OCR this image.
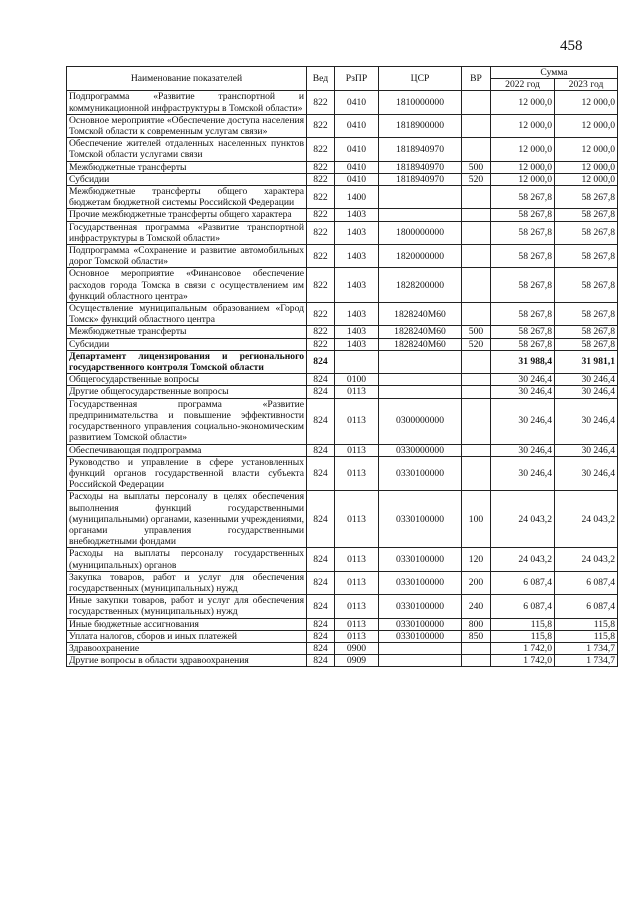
458
Наименование показателей	Вед	РзПР	ЦСР	ВР	Сумма	
					2022 год	2023 год
Подпрограмма «Развитие транспортной и коммуникационной инфраструктуры в Томской области»	822	0410	1810000000		12 000,0	12 000,0
Основное мероприятие «Обеспечение доступа населения Томской области к современным услугам связи»	822	0410	1818900000		12 000,0	12 000,0
Обеспечение жителей отдаленных населенных пунктов Томской области услугами связи	822	0410	1818940970		12 000,0	12 000,0
Межбюджетные трансферты	822	0410	1818940970	500	12 000,0	12 000,0
Субсидии	822	0410	1818940970	520	12 000,0	12 000,0
Межбюджетные трансферты общего характера бюджетам бюджетной системы Российской Федерации	822	1400			58 267,8	58 267,8
Прочие межбюджетные трансферты общего характера	822	1403			58 267,8	58 267,8
Государственная программа «Развитие транспортной инфраструктуры в Томской области»	822	1403	1800000000		58 267,8	58 267,8
Подпрограмма «Сохранение и развитие автомобильных дорог Томской области»	822	1403	1820000000		58 267,8	58 267,8
Основное мероприятие «Финансовое обеспечение расходов города Томска в связи с осуществлением им функций областного центра»	822	1403	1828200000		58 267,8	58 267,8
Осуществление муниципальным образованием «Город Томск» функций областного центра	822	1403	1828240М60		58 267,8	58 267,8
Межбюджетные трансферты	822	1403	1828240М60	500	58 267,8	58 267,8
Субсидии	822	1403	1828240М60	520	58 267,8	58 267,8
Департамент лицензирования и регионального государственного контроля Томской области	824				31 988,4	31 981,1
Общегосударственные вопросы	824	0100			30 246,4	30 246,4
Другие общегосударственные вопросы	824	0113			30 246,4	30 246,4
Государственная программа «Развитие предпринимательства и повышение эффективности государственного управления социально-экономическим развитием Томской области»	824	0113	0300000000		30 246,4	30 246,4
Обеспечивающая подпрограмма	824	0113	0330000000		30 246,4	30 246,4
Руководство и управление в сфере установленных функций органов государственной власти субъекта Российской Федерации	824	0113	0330100000		30 246,4	30 246,4
Расходы на выплаты персоналу в целях обеспечения выполнения функций государственными (муниципальными) органами, казенными учреждениями, органами управления государственными внебюджетными фондами	824	0113	0330100000	100	24 043,2	24 043,2
Расходы на выплаты персоналу государственных (муниципальных) органов	824	0113	0330100000	120	24 043,2	24 043,2
Закупка товаров, работ и услуг для обеспечения государственных (муниципальных) нужд	824	0113	0330100000	200	6 087,4	6 087,4
Иные закупки товаров, работ и услуг для обеспечения государственных (муниципальных) нужд	824	0113	0330100000	240	6 087,4	6 087,4
Иные бюджетные ассигнования	824	0113	0330100000	800	115,8	115,8
Уплата налогов, сборов и иных платежей	824	0113	0330100000	850	115,8	115,8
Здравоохранение	824	0900			1 742,0	1 734,7
Другие вопросы в области здравоохранения	824	0909			1 742,0	1 734,7
